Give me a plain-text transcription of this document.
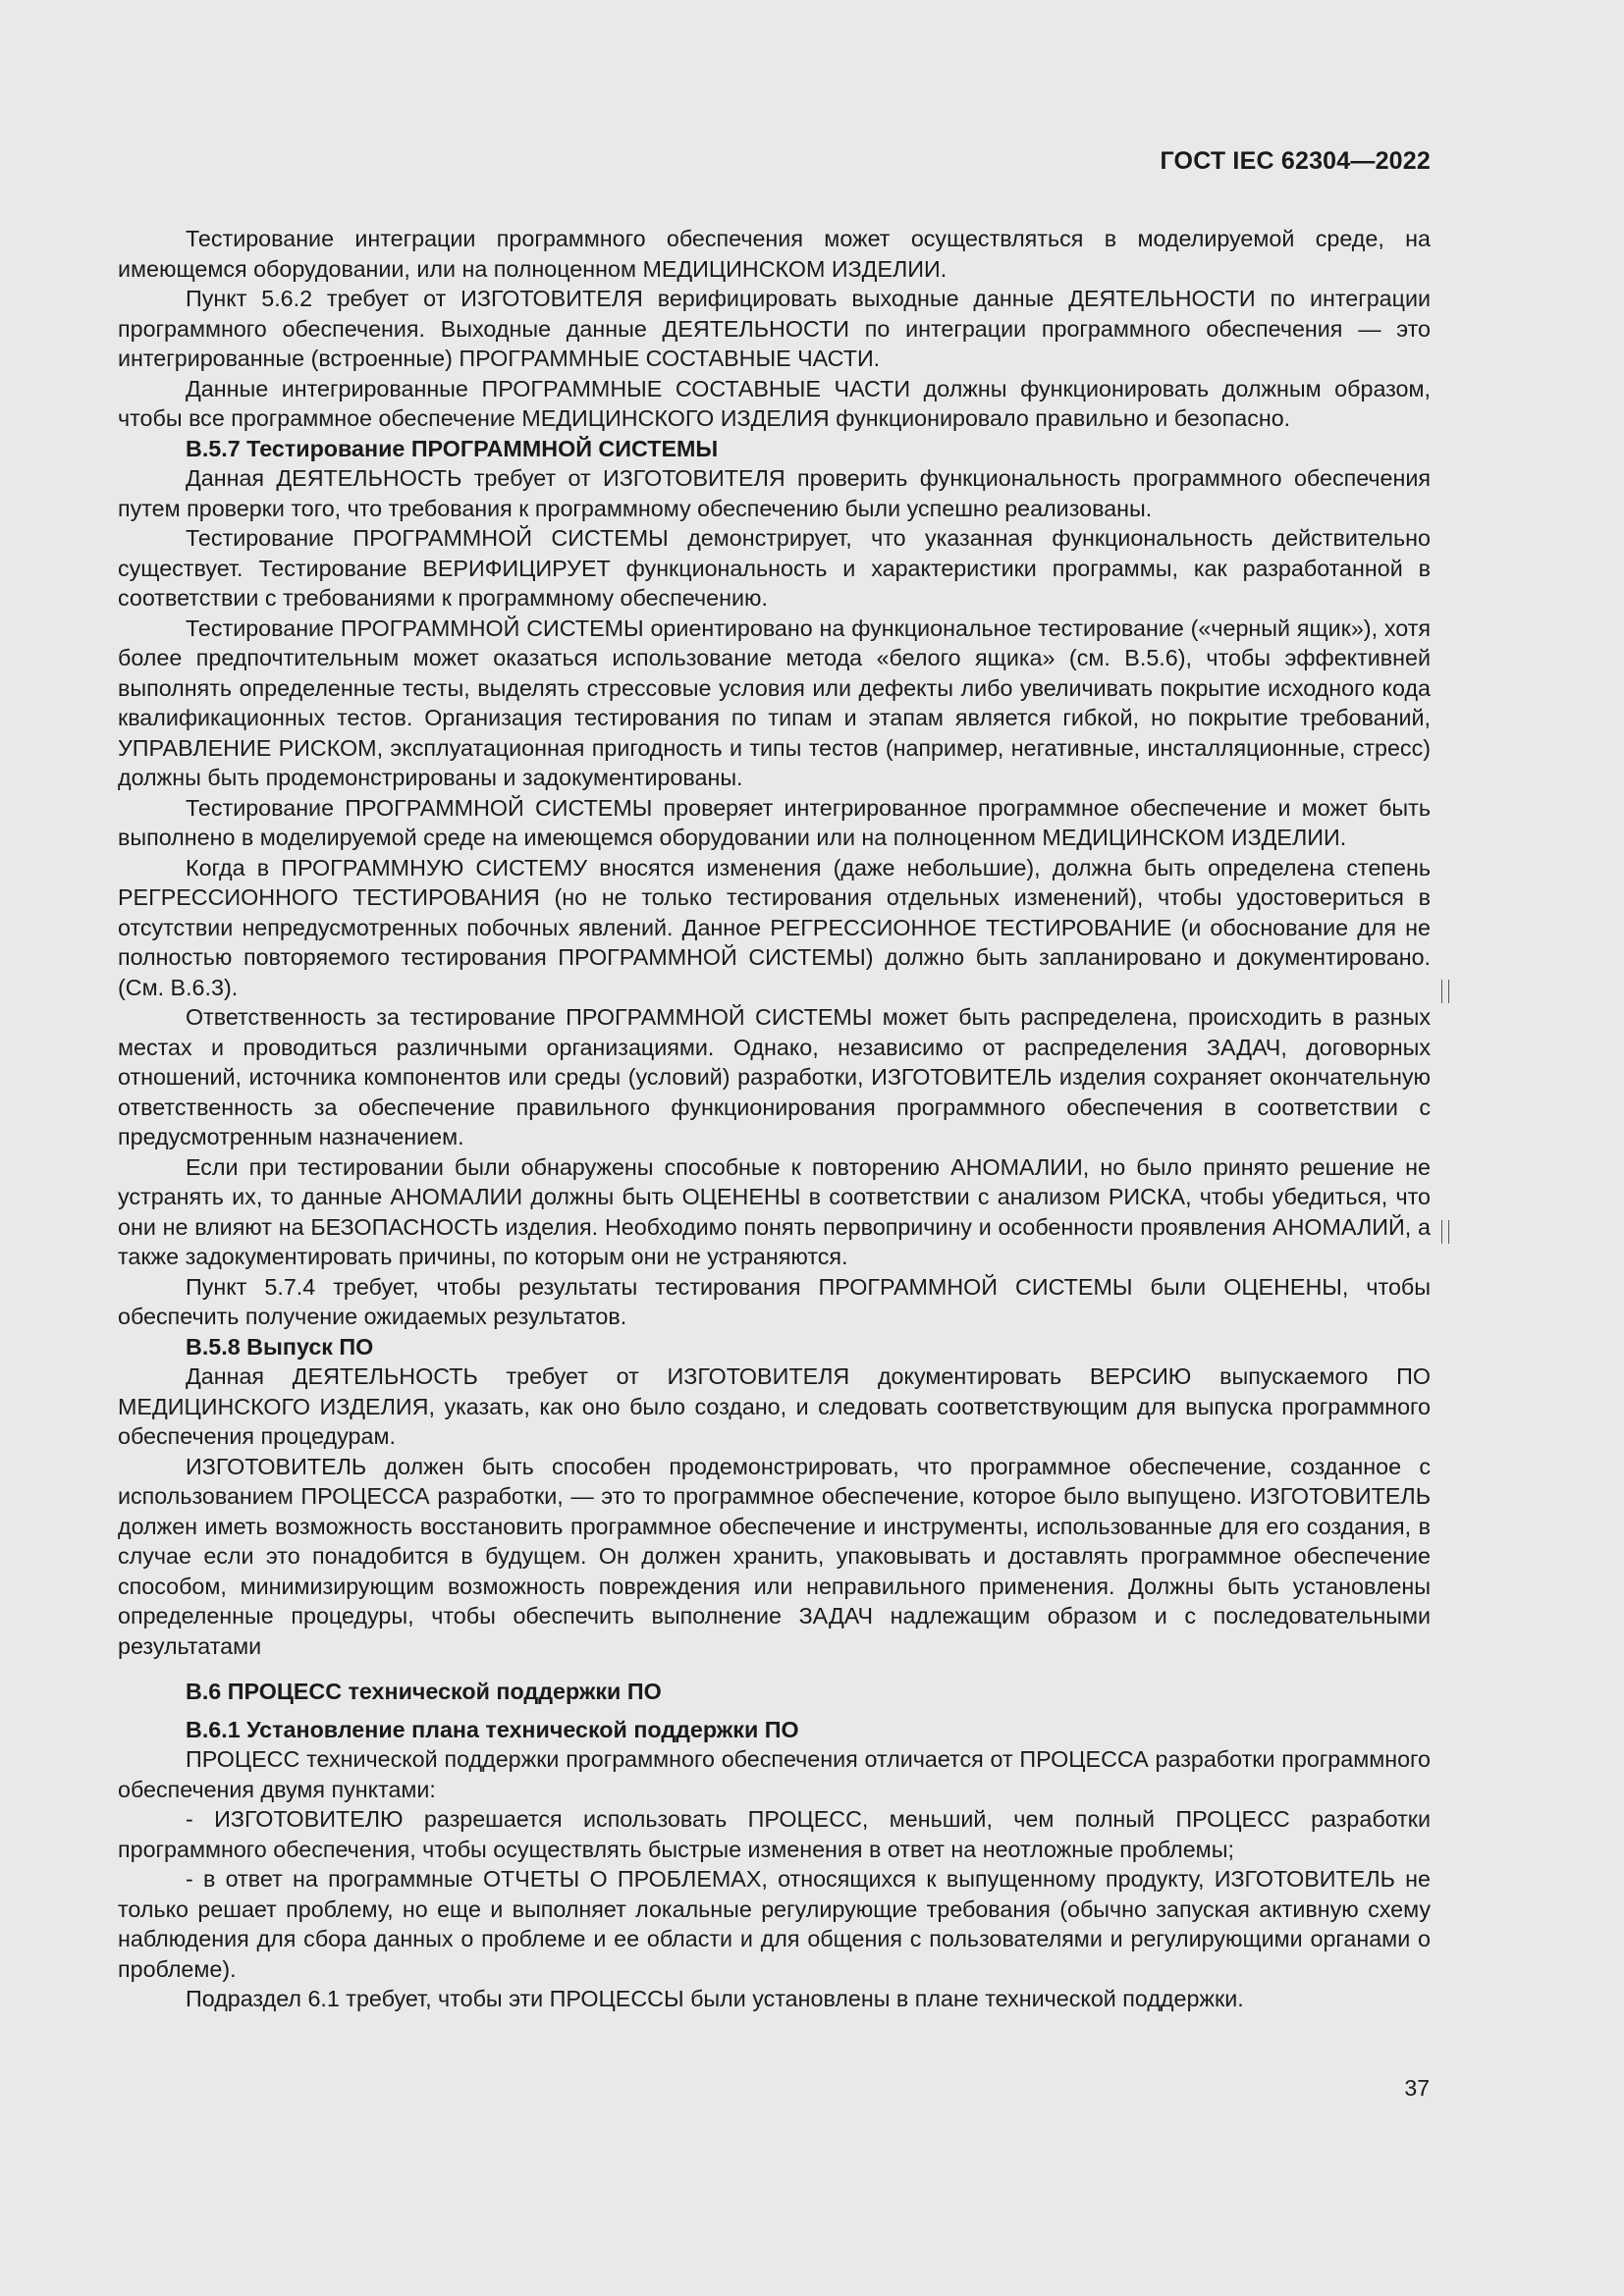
ГОСТ IEC 62304—2022

Тестирование интеграции программного обеспечения может осуществляться в моделируемой среде, на имеющемся оборудовании, или на полноценном МЕДИЦИНСКОМ ИЗДЕЛИИ.

Пункт 5.6.2 требует от ИЗГОТОВИТЕЛЯ верифицировать выходные данные ДЕЯТЕЛЬНОСТИ по интеграции программного обеспечения. Выходные данные ДЕЯТЕЛЬНОСТИ по интеграции программного обеспечения — это интегрированные (встроенные) ПРОГРАММНЫЕ СОСТАВНЫЕ ЧАСТИ.

Данные интегрированные ПРОГРАММНЫЕ СОСТАВНЫЕ ЧАСТИ должны функционировать должным образом, чтобы все программное обеспечение МЕДИЦИНСКОГО ИЗДЕЛИЯ функционировало правильно и безопасно.

B.5.7 Тестирование ПРОГРАММНОЙ СИСТЕМЫ

Данная ДЕЯТЕЛЬНОСТЬ требует от ИЗГОТОВИТЕЛЯ проверить функциональность программного обеспечения путем проверки того, что требования к программному обеспечению были успешно реализованы.

Тестирование ПРОГРАММНОЙ СИСТЕМЫ демонстрирует, что указанная функциональность действительно существует. Тестирование ВЕРИФИЦИРУЕТ функциональность и характеристики программы, как разработанной в соответствии с требованиями к программному обеспечению.

Тестирование ПРОГРАММНОЙ СИСТЕМЫ ориентировано на функциональное тестирование («черный ящик»), хотя более предпочтительным может оказаться использование метода «белого ящика» (см. B.5.6), чтобы эффективней выполнять определенные тесты, выделять стрессовые условия или дефекты либо увеличивать покрытие исходного кода квалификационных тестов. Организация тестирования по типам и этапам является гибкой, но покрытие требований, УПРАВЛЕНИЕ РИСКОМ, эксплуатационная пригодность и типы тестов (например, негативные, инсталляционные, стресс) должны быть продемонстрированы и задокументированы.

Тестирование ПРОГРАММНОЙ СИСТЕМЫ проверяет интегрированное программное обеспечение и может быть выполнено в моделируемой среде на имеющемся оборудовании или на полноценном МЕДИЦИНСКОМ ИЗДЕЛИИ.

Когда в ПРОГРАММНУЮ СИСТЕМУ вносятся изменения (даже небольшие), должна быть определена степень РЕГРЕССИОННОГО ТЕСТИРОВАНИЯ (но не только тестирования отдельных изменений), чтобы удостовериться в отсутствии непредусмотренных побочных явлений. Данное РЕГРЕССИОННОЕ ТЕСТИРОВАНИЕ (и обоснование для не полностью повторяемого тестирования ПРОГРАММНОЙ СИСТЕМЫ) должно быть запланировано и документировано. (См. B.6.3).

Ответственность за тестирование ПРОГРАММНОЙ СИСТЕМЫ может быть распределена, происходить в разных местах и проводиться различными организациями. Однако, независимо от распределения ЗАДАЧ, договорных отношений, источника компонентов или среды (условий) разработки, ИЗГОТОВИТЕЛЬ изделия сохраняет окончательную ответственность за обеспечение правильного функционирования программного обеспечения в соответствии с предусмотренным назначением.

Если при тестировании были обнаружены способные к повторению АНОМАЛИИ, но было принято решение не устранять их, то данные АНОМАЛИИ должны быть ОЦЕНЕНЫ в соответствии с анализом РИСКА, чтобы убедиться, что они не влияют на БЕЗОПАСНОСТЬ изделия. Необходимо понять первопричину и особенности проявления АНОМАЛИЙ, а также задокументировать причины, по которым они не устраняются.

Пункт 5.7.4 требует, чтобы результаты тестирования ПРОГРАММНОЙ СИСТЕМЫ были ОЦЕНЕНЫ, чтобы обеспечить получение ожидаемых результатов.

B.5.8 Выпуск ПО

Данная ДЕЯТЕЛЬНОСТЬ требует от ИЗГОТОВИТЕЛЯ документировать ВЕРСИЮ выпускаемого ПО МЕДИЦИНСКОГО ИЗДЕЛИЯ, указать, как оно было создано, и следовать соответствующим для выпуска программного обеспечения процедурам.

ИЗГОТОВИТЕЛЬ должен быть способен продемонстрировать, что программное обеспечение, созданное с использованием ПРОЦЕССА разработки, — это то программное обеспечение, которое было выпущено. ИЗГОТОВИТЕЛЬ должен иметь возможность восстановить программное обеспечение и инструменты, использованные для его создания, в случае если это понадобится в будущем. Он должен хранить, упаковывать и доставлять программное обеспечение способом, минимизирующим возможность повреждения или неправильного применения. Должны быть установлены определенные процедуры, чтобы обеспечить выполнение ЗАДАЧ надлежащим образом и с последовательными результатами

B.6 ПРОЦЕСС технической поддержки ПО

B.6.1 Установление плана технической поддержки ПО

ПРОЦЕСС технической поддержки программного обеспечения отличается от ПРОЦЕССА разработки программного обеспечения двумя пунктами:

- ИЗГОТОВИТЕЛЮ разрешается использовать ПРОЦЕСС, меньший, чем полный ПРОЦЕСС разработки программного обеспечения, чтобы осуществлять быстрые изменения в ответ на неотложные проблемы;

- в ответ на программные ОТЧЕТЫ О ПРОБЛЕМАХ, относящихся к выпущенному продукту, ИЗГОТОВИТЕЛЬ не только решает проблему, но еще и выполняет локальные регулирующие требования (обычно запуская активную схему наблюдения для сбора данных о проблеме и ее области и для общения с пользователями и регулирующими органами о проблеме).

Подраздел 6.1 требует, чтобы эти ПРОЦЕССЫ были установлены в плане технической поддержки.

37
